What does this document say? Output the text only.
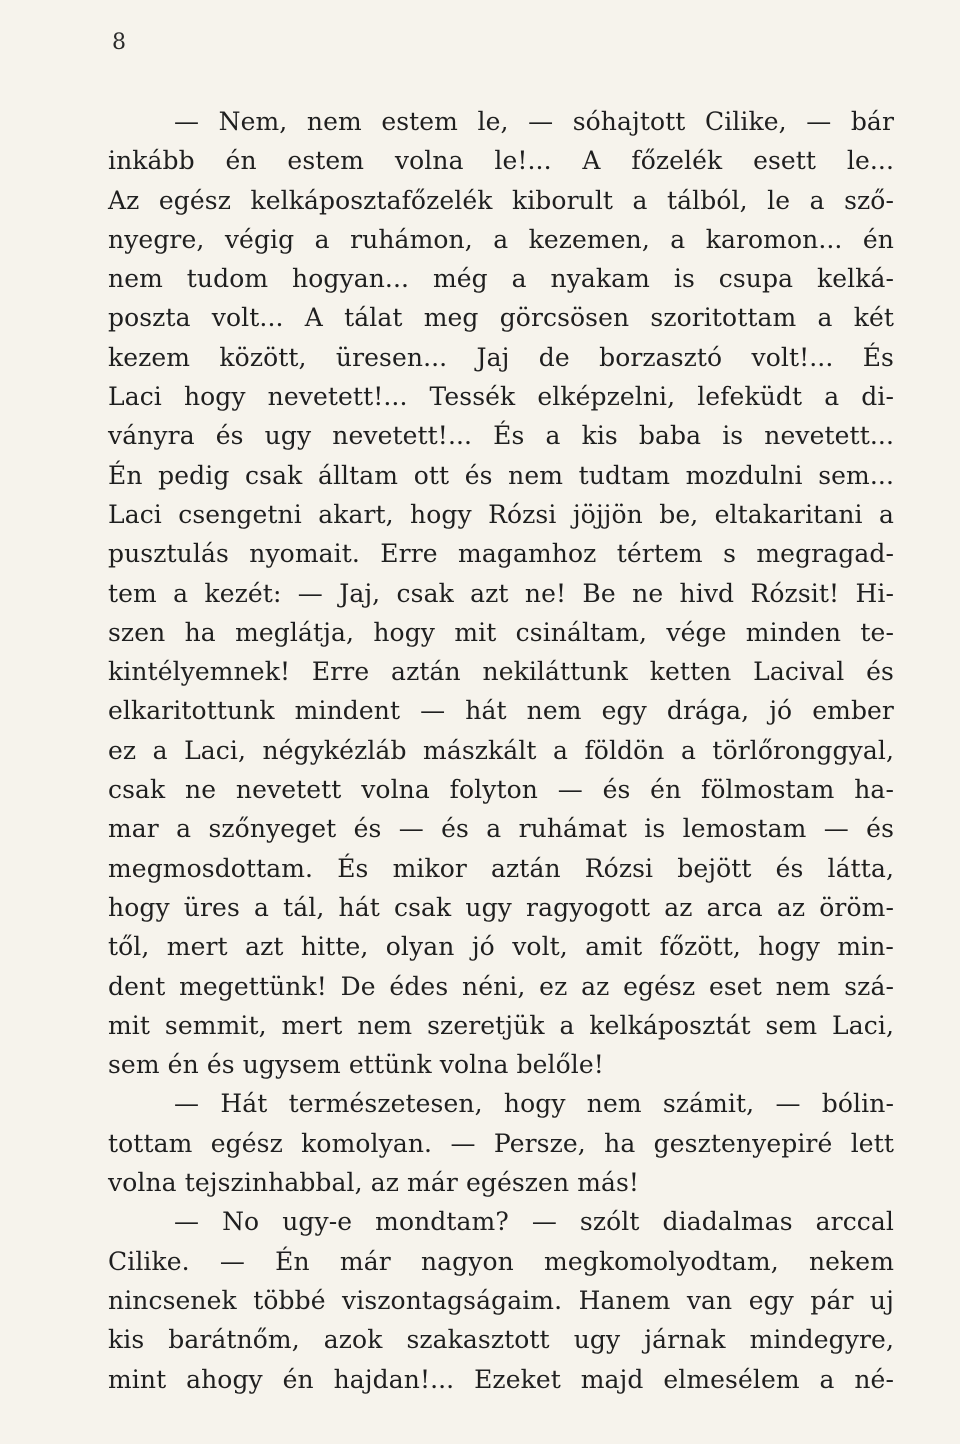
8
— Nem, nem estem le, — sóhajtott Cilike, — bár
inkább én estem volna le!... A főzelék esett le...
Az egész kelkáposztafőzelék kiborult a tálból, le a sző-
nyegre, végig a ruhámon, a kezemen, a karomon... én
nem tudom hogyan... még a nyakam is csupa kelká-
poszta volt... A tálat meg görcsösen szoritottam a két
kezem között, üresen... Jaj de borzasztó volt!... És
Laci hogy nevetett!... Tessék elképzelni, lefeküdt a di-
ványra és ugy nevetett!... És a kis baba is nevetett...
Én pedig csak álltam ott és nem tudtam mozdulni sem...
Laci csengetni akart, hogy Rózsi jöjjön be, eltakaritani a
pusztulás nyomait. Erre magamhoz tértem s megragad-
tem a kezét: — Jaj, csak azt ne! Be ne hivd Rózsit! Hi-
szen ha meglátja, hogy mit csináltam, vége minden te-
kintélyemnek! Erre aztán nekiláttunk ketten Lacival és
elkaritottunk mindent — hát nem egy drága, jó ember
ez a Laci, négykézláb mászkált a földön a törlőronggyal,
csak ne nevetett volna folyton — és én fölmostam ha-
mar a szőnyeget és — és a ruhámat is lemostam — és
megmosdottam. És mikor aztán Rózsi bejött és látta,
hogy üres a tál, hát csak ugy ragyogott az arca az öröm-
től, mert azt hitte, olyan jó volt, amit főzött, hogy min-
dent megettünk! De édes néni, ez az egész eset nem szá-
mit semmit, mert nem szeretjük a kelkáposztát sem Laci,
sem én és ugysem ettünk volna belőle!
— Hát természetesen, hogy nem számit, — bólin-
tottam egész komolyan. — Persze, ha gesztenyepiré lett
volna tejszinhabbal, az már egészen más!
— No ugy-e mondtam? — szólt diadalmas arccal
Cilike. — Én már nagyon megkomolyodtam, nekem
nincsenek többé viszontagságaim. Hanem van egy pár uj
kis barátnőm, azok szakasztott ugy járnak mindegyre,
mint ahogy én hajdan!... Ezeket majd elmesélem a né-
